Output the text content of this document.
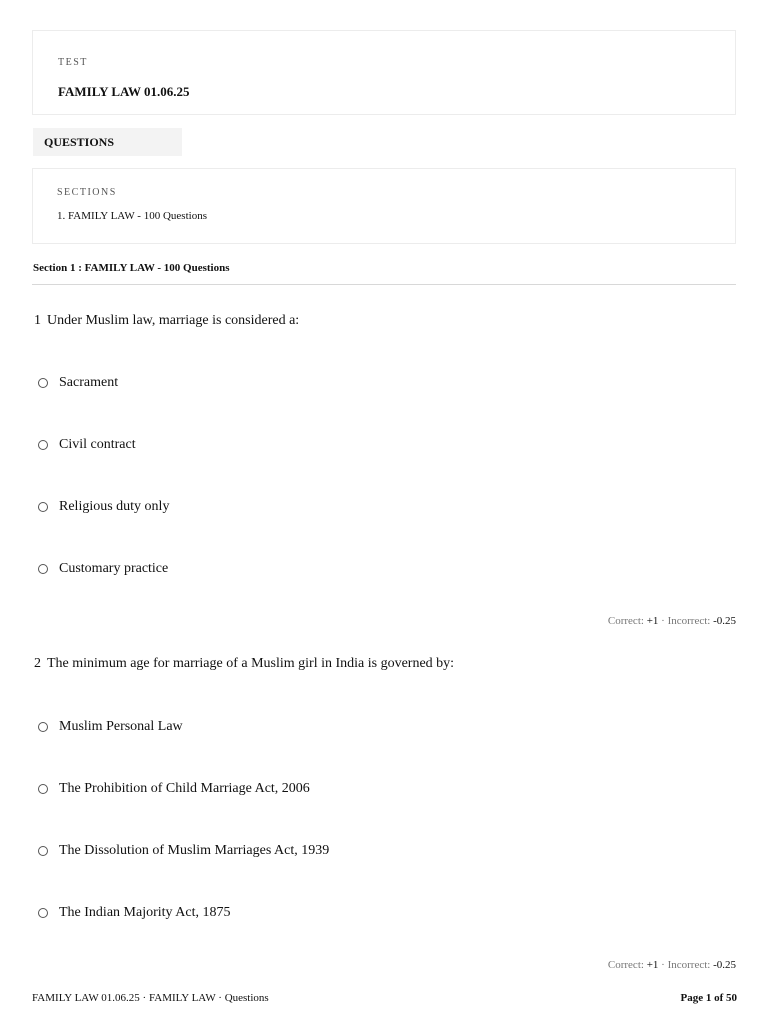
TEST
FAMILY LAW 01.06.25
QUESTIONS
SECTIONS
1. FAMILY LAW - 100 Questions
Section 1 : FAMILY LAW - 100 Questions
1 Under Muslim law, marriage is considered a:
Sacrament
Civil contract
Religious duty only
Customary practice
Correct: +1 · Incorrect: -0.25
2 The minimum age for marriage of a Muslim girl in India is governed by:
Muslim Personal Law
The Prohibition of Child Marriage Act, 2006
The Dissolution of Muslim Marriages Act, 1939
The Indian Majority Act, 1875
Correct: +1 · Incorrect: -0.25
FAMILY LAW 01.06.25 · FAMILY LAW · Questions	Page 1 of 50
